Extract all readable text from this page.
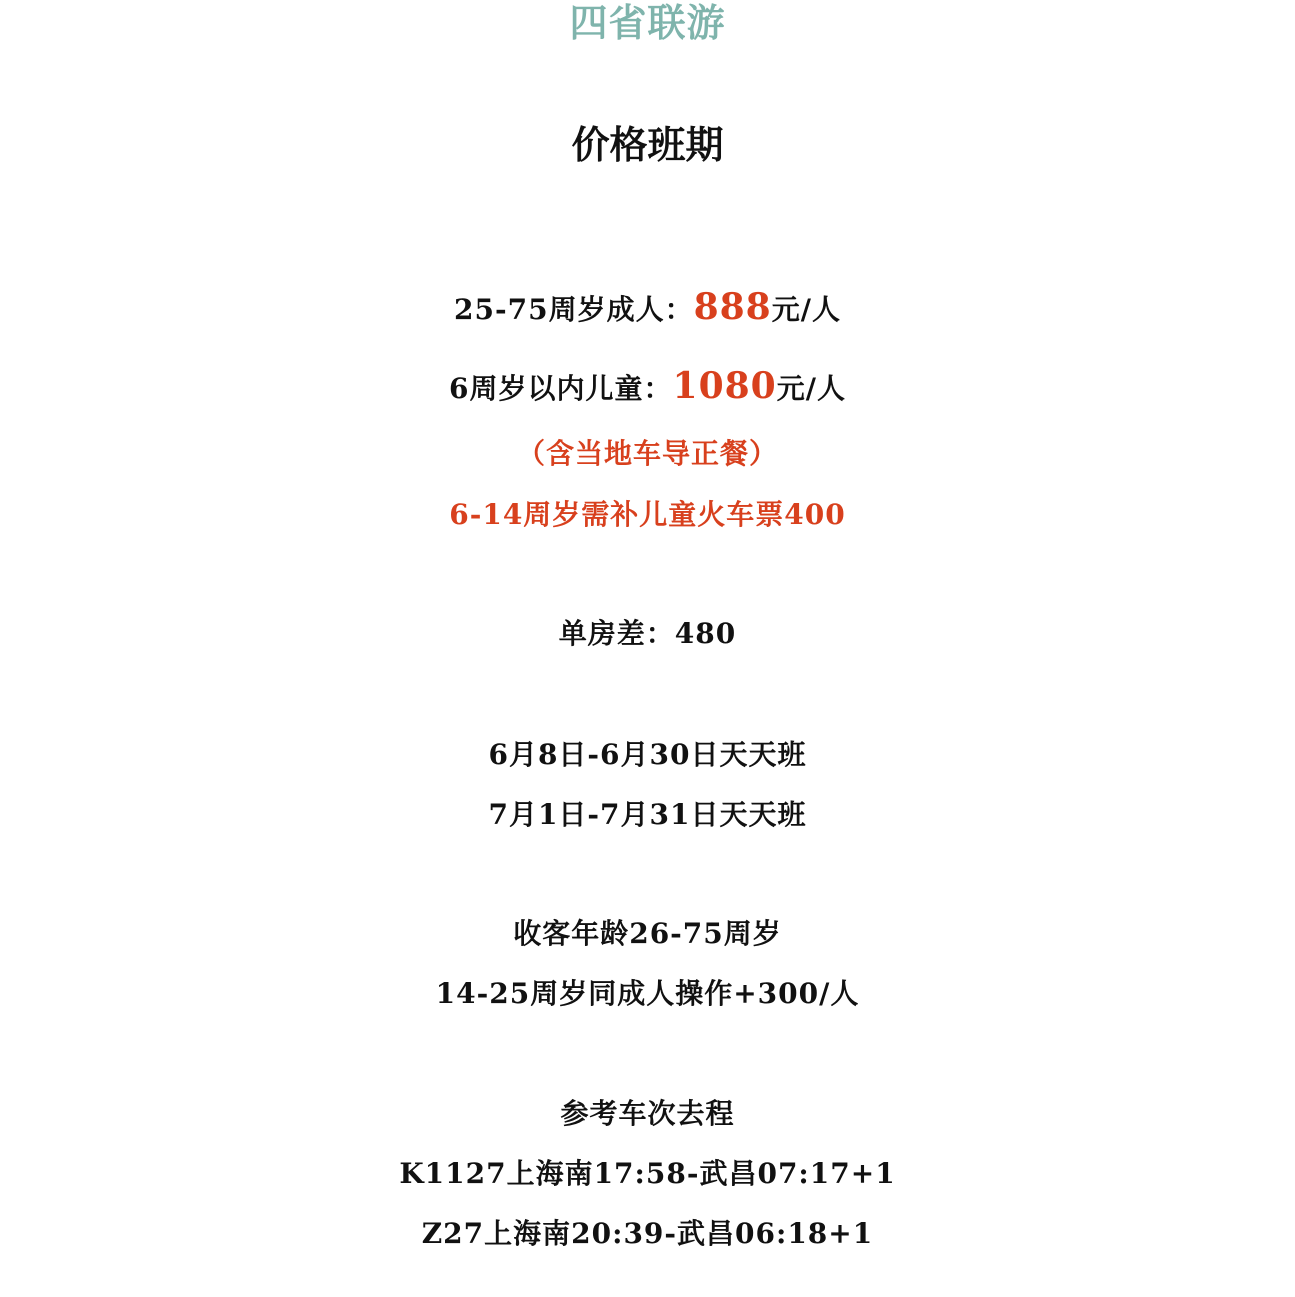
四省联游
价格班期
25-75周岁成人：888元/人
6周岁以内儿童：1080元/人
（含当地车导正餐）
6-14周岁需补儿童火车票400
单房差：480
6月8日-6月30日天天班
7月1日-7月31日天天班
收客年龄26-75周岁
14-25周岁同成人操作+300/人
参考车次去程
K1127上海南17:58-武昌07:17+1
Z27上海南20:39-武昌06:18+1
